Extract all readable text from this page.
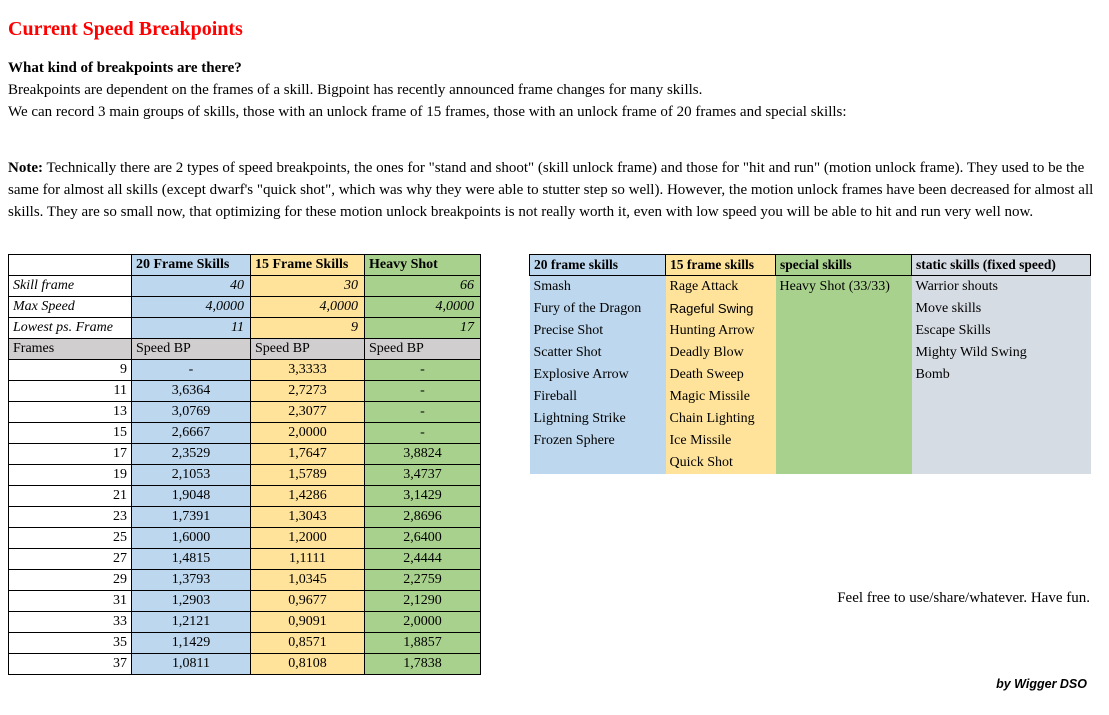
Current Speed Breakpoints
What kind of breakpoints are there?
Breakpoints are dependent on the frames of a skill. Bigpoint has recently announced frame changes for many skills.
We can record 3 main groups of skills, those with an unlock frame of 15 frames, those with an unlock frame of 20 frames and special skills:

Note: Technically there are 2 types of speed breakpoints, the ones for "stand and shoot" (skill unlock frame) and those for "hit and run" (motion unlock frame). They used to be the same for almost all skills (except dwarf's "quick shot", which was why they were able to stutter step so well). However, the motion unlock frames have been decreased for almost all skills. They are so small now, that optimizing for these motion unlock breakpoints is not really worth it, even with low speed you will be able to hit and run very well now.

	20 Frame Skills	15 Frame Skills	Heavy Shot
Skill frame	40	30	66
Max Speed	4,0000	4,0000	4,0000
Lowest ps. Frame	11	9	17
Frames	Speed BP	Speed BP	Speed BP
9	-	3,3333	-
11	3,6364	2,7273	-
13	3,0769	2,3077	-
15	2,6667	2,0000	-
17	2,3529	1,7647	3,8824
19	2,1053	1,5789	3,4737
21	1,9048	1,4286	3,1429
23	1,7391	1,3043	2,8696
25	1,6000	1,2000	2,6400
27	1,4815	1,1111	2,4444
29	1,3793	1,0345	2,2759
31	1,2903	0,9677	2,1290
33	1,2121	0,9091	2,0000
35	1,1429	0,8571	1,8857
37	1,0811	0,8108	1,7838
20 frame skills	15 frame skills	special skills	static skills (fixed speed)
Smash	Rage Attack	Heavy Shot (33/33)	Warrior shouts
Fury of the Dragon	Rageful Swing		Move skills
Precise Shot	Hunting Arrow		Escape Skills
Scatter Shot	Deadly Blow		Mighty Wild Swing
Explosive Arrow	Death Sweep		Bomb
Fireball	Magic Missile		
Lightning Strike	Chain Lighting		
Frozen Sphere	Ice Missile		
	Quick Shot		
Feel free to use/share/whatever. Have fun.
by Wigger DSO
